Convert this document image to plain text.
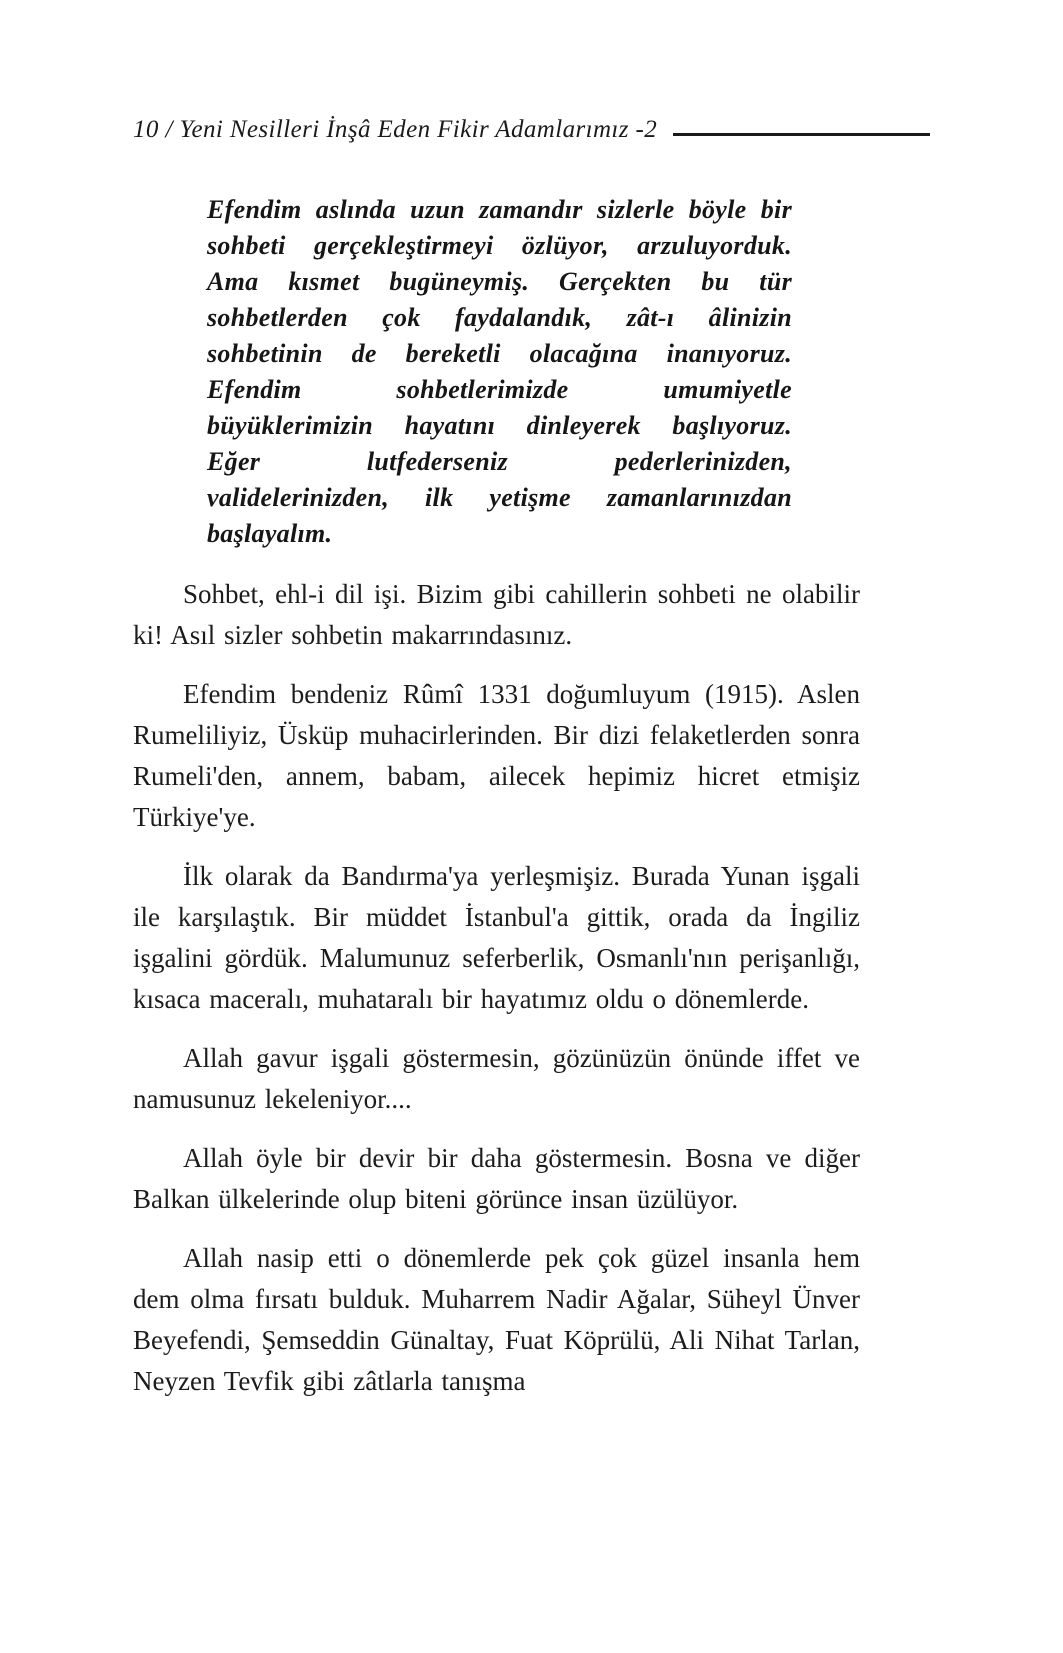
10 / Yeni Nesilleri İnşâ Eden Fikir Adamlarımız -2

Efendim aslında uzun zamandır sizlerle böyle bir sohbeti gerçekleştirmeyi özlüyor, arzuluyorduk. Ama kısmet bugüneymiş. Gerçekten bu tür sohbetlerden çok faydalandık, zât-ı âlinizin sohbetinin de bereketli olacağına inanıyoruz. Efendim sohbetlerimizde umumiyetle büyüklerimizin hayatını dinleyerek başlıyoruz. Eğer lutfederseniz pederlerinizden, validelerinizden, ilk yetişme zamanlarınızdan başlayalım.

Sohbet, ehl-i dil işi. Bizim gibi cahillerin sohbeti ne olabilir ki! Asıl sizler sohbetin makarrındasınız.

Efendim bendeniz Rûmî 1331 doğumluyum (1915). Aslen Rumeliliyiz, Üsküp muhacirlerinden. Bir dizi felaketlerden sonra Rumeli'den, annem, babam, ailecek hepimiz hicret etmişiz Türkiye'ye.

İlk olarak da Bandırma'ya yerleşmişiz. Burada Yunan işgali ile karşılaştık. Bir müddet İstanbul'a gittik, orada da İngiliz işgalini gördük. Malumunuz seferberlik, Osmanlı'nın perişanlığı, kısaca maceralı, muhataralı bir hayatımız oldu o dönemlerde.

Allah gavur işgali göstermesin, gözünüzün önünde iffet ve namusunuz lekeleniyor....

Allah öyle bir devir bir daha göstermesin. Bosna ve diğer Balkan ülkelerinde olup biteni görünce insan üzülüyor.

Allah nasip etti o dönemlerde pek çok güzel insanla hem dem olma fırsatı bulduk. Muharrem Nadir Ağalar, Süheyl Ünver Beyefendi, Şemseddin Günaltay, Fuat Köprülü, Ali Nihat Tarlan, Neyzen Tevfik gibi zâtlarla tanışma
